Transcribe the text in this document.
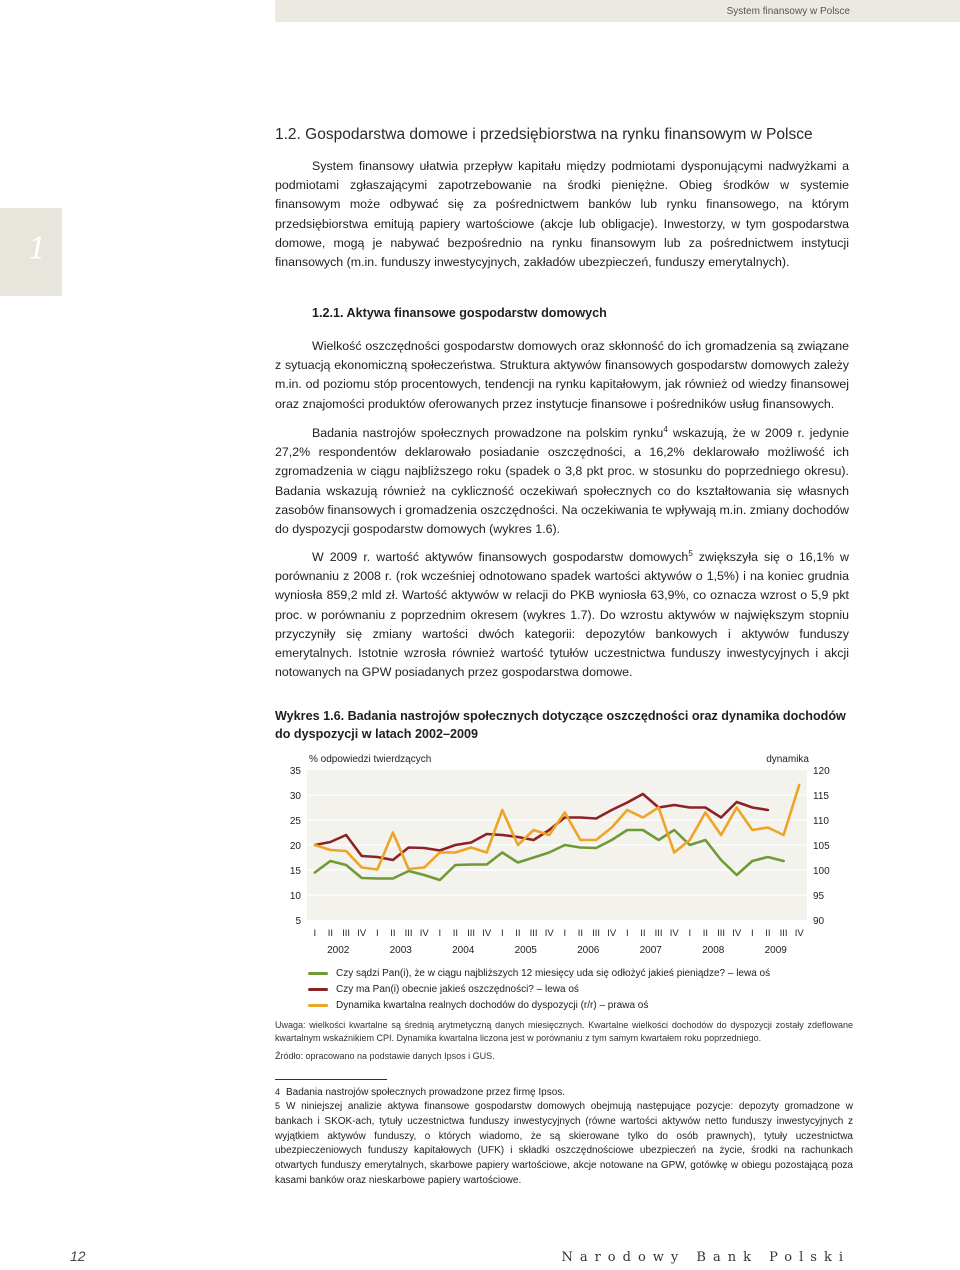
System finansowy w Polsce
1
1.2. Gospodarstwa domowe i przedsiębiorstwa na rynku finansowym w Polsce

System finansowy ułatwia przepływ kapitału między podmiotami dysponującymi nadwyżkami a podmiotami zgłaszającymi zapotrzebowanie na środki pieniężne. Obieg środków w systemie finansowym może odbywać się za pośrednictwem banków lub rynku finansowego, na którym przedsiębiorstwa emitują papiery wartościowe (akcje lub obligacje). Inwestorzy, w tym gospodarstwa domowe, mogą je nabywać bezpośrednio na rynku finansowym lub za pośrednictwem instytucji finansowych (m.in. funduszy inwestycyjnych, zakładów ubezpieczeń, funduszy emerytalnych).

1.2.1. Aktywa finansowe gospodarstw domowych

Wielkość oszczędności gospodarstw domowych oraz skłonność do ich gromadzenia są związane z sytuacją ekonomiczną społeczeństwa. Struktura aktywów finansowych gospodarstw domowych zależy m.in. od poziomu stóp procentowych, tendencji na rynku kapitałowym, jak również od wiedzy finansowej oraz znajomości produktów oferowanych przez instytucje finansowe i pośredników usług finansowych.

Badania nastrojów społecznych prowadzone na polskim rynku$^4$ wskazują, że w 2009 r. jedynie 27,2% respondentów deklarowało posiadanie oszczędności, a 16,2% deklarowało możliwość ich zgromadzenia w ciągu najbliższego roku (spadek o 3,8 pkt proc. w stosunku do poprzedniego okresu). Badania wskazują również na cykliczność oczekiwań społecznych co do kształtowania się własnych zasobów finansowych i gromadzenia oszczędności. Na oczekiwania te wpływają m.in. zmiany dochodów do dyspozycji gospodarstw domowych (wykres 1.6).

W 2009 r. wartość aktywów finansowych gospodarstw domowych$^5$ zwiększyła się o 16,1% w porównaniu z 2008 r. (rok wcześniej odnotowano spadek wartości aktywów o 1,5%) i na koniec grudnia wyniosła 859,2 mld zł. Wartość aktywów w relacji do PKB wyniosła 63,9%, co oznacza wzrost o 5,9 pkt proc. w porównaniu z poprzednim okresem (wykres 1.7). Do wzrostu aktywów w największym stopniu przyczyniły się zmiany wartości dwóch kategorii: depozytów bankowych i aktywów funduszy emerytalnych. Istotnie wzrosła również wartość tytułów uczestnictwa funduszy inwestycyjnych i akcji notowanych na GPW posiadanych przez gospodarstwa domowe.

Wykres 1.6. Badania nastrojów społecznych dotyczące oszczędności oraz dynamika dochodów do dyspozycji w latach 2002–2009
5	90
10	95
15	100
20	105
25	110
30	115
35	120
I II III IV I II III IV I II III IV I II III IV I II III IV I II III IV I II III IV I II III IV
2002	2003	2004	2005	2006	2007	2008	2009
% odpowiedzi twierdzących	dynamika
Czy sądzi Pan(i), że w ciągu najbliższych 12 miesięcy uda się odłożyć jakieś pieniądze? – lewa oś
Czy ma Pan(i) obecnie jakieś oszczędności? – lewa oś
Dynamika kwartalna realnych dochodów do dyspozycji (r/r) – prawa oś

Uwaga: wielkości kwartalne są średnią arytmetyczną danych miesięcznych. Kwartalne wielkości dochodów do dyspozycji zostały zdeflowane kwartalnym wskaźnikiem CPI. Dynamika kwartalna liczona jest w porównaniu z tym samym kwartałem roku poprzedniego.

Źródło: opracowano na podstawie danych Ipsos i GUS.

4 Badania nastrojów społecznych prowadzone przez firmę Ipsos.

5 W niniejszej analizie aktywa finansowe gospodarstw domowych obejmują następujące pozycje: depozyty gromadzone w bankach i SKOK-ach, tytuły uczestnictwa funduszy inwestycyjnych (równe wartości aktywów netto funduszy inwestycyjnych z wyjątkiem aktywów funduszy, o których wiadomo, że są skierowane tylko do osób prawnych), tytuły uczestnictwa ubezpieczeniowych funduszy kapitałowych (UFK) i składki oszczędnościowe ubezpieczeń na życie, środki na rachunkach otwartych funduszy emerytalnych, skarbowe papiery wartościowe, akcje notowane na GPW, gotówkę w obiegu pozostającą poza kasami banków oraz nieskarbowe papiery wartościowe.

12	Narodowy Bank Polski
